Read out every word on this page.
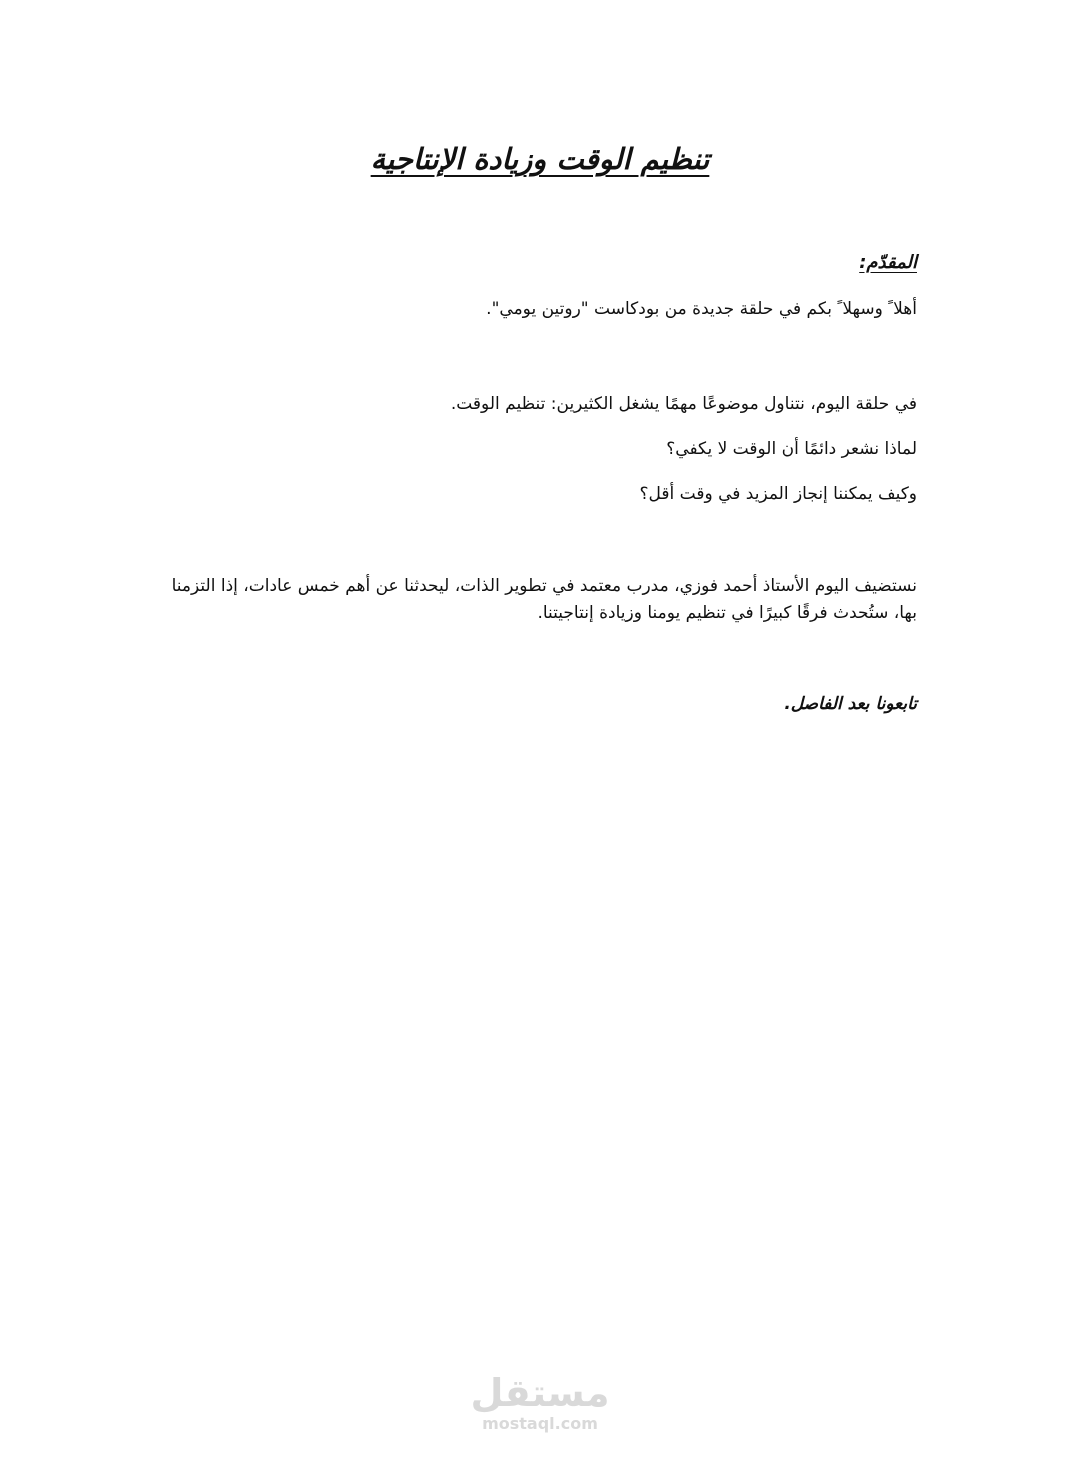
تنظيم الوقت وزيادة الإنتاجية

المقدّم:

أهلا ً وسهلا ً بكم في حلقة جديدة من بودكاست "روتين يومي".

في حلقة اليوم، نتناول موضوعًا مهمًا يشغل الكثيرين: تنظيم الوقت.

لماذا نشعر دائمًا أن الوقت لا يكفي؟

وكيف يمكننا إنجاز المزيد في وقت أقل؟

نستضيف اليوم الأستاذ أحمد فوزي، مدرب معتمد في تطوير الذات، ليحدثنا عن أهم خمس عادات، إذا التزمنا بها، ستُحدث فرقًا كبيرًا في تنظيم يومنا وزيادة إنتاجيتنا.

تابعونا بعد الفاصل.

مستقل
mostaql.com
